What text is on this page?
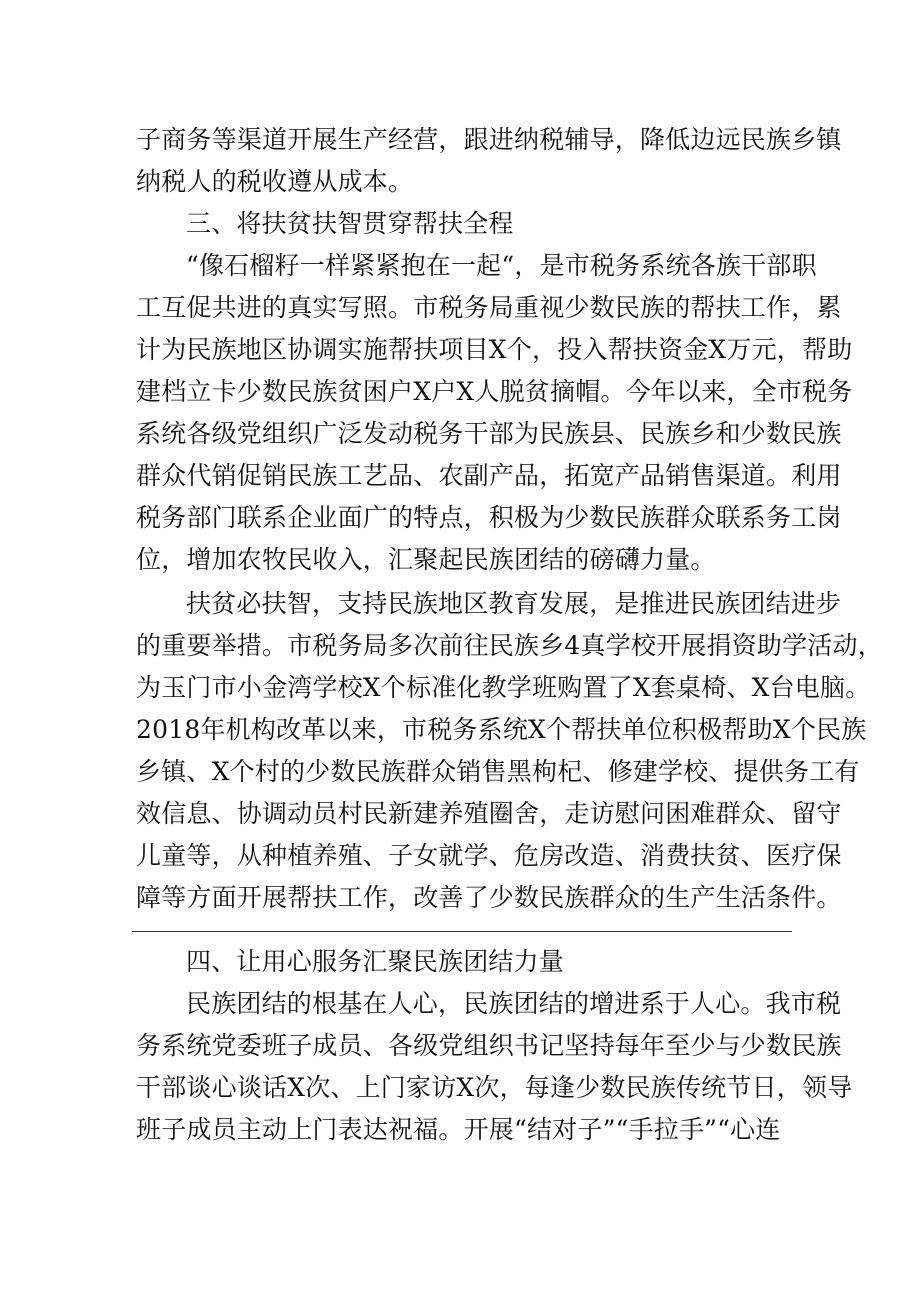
子商务等渠道开展生产经营，跟进纳税辅导，降低边远民族乡镇
纳税人的税收遵从成本。
三、将扶贫扶智贯穿帮扶全程
“像石榴籽一样紧紧抱在一起“，是市税务系统各族干部职
工互促共进的真实写照。市税务局重视少数民族的帮扶工作，累
计为民族地区协调实施帮扶项目X个，投入帮扶资金X万元，帮助
建档立卡少数民族贫困户X户X人脱贫摘帽。今年以来，全市税务
系统各级党组织广泛发动税务干部为民族县、民族乡和少数民族
群众代销促销民族工艺品、农副产品，拓宽产品销售渠道。利用
税务部门联系企业面广的特点，积极为少数民族群众联系务工岗
位，增加农牧民收入，汇聚起民族团结的磅礴力量。
扶贫必扶智，支持民族地区教育发展，是推进民族团结进步
的重要举措。市税务局多次前往民族乡4真学校开展捐资助学活动，
为玉门市小金湾学校X个标准化教学班购置了X套桌椅、X台电脑。
2018年机构改革以来，市税务系统X个帮扶单位积极帮助X个民族
乡镇、X个村的少数民族群众销售黑枸杞、修建学校、提供务工有
效信息、协调动员村民新建养殖圈舍，走访慰问困难群众、留守
儿童等，从种植养殖、子女就学、危房改造、消费扶贫、医疗保
障等方面开展帮扶工作，改善了少数民族群众的生产生活条件。
四、让用心服务汇聚民族团结力量
民族团结的根基在人心，民族团结的增进系于人心。我市税
务系统党委班子成员、各级党组织书记坚持每年至少与少数民族
干部谈心谈话X次、上门家访X次，每逢少数民族传统节日，领导
班子成员主动上门表达祝福。开展“结对子”“手拉手”“心连
